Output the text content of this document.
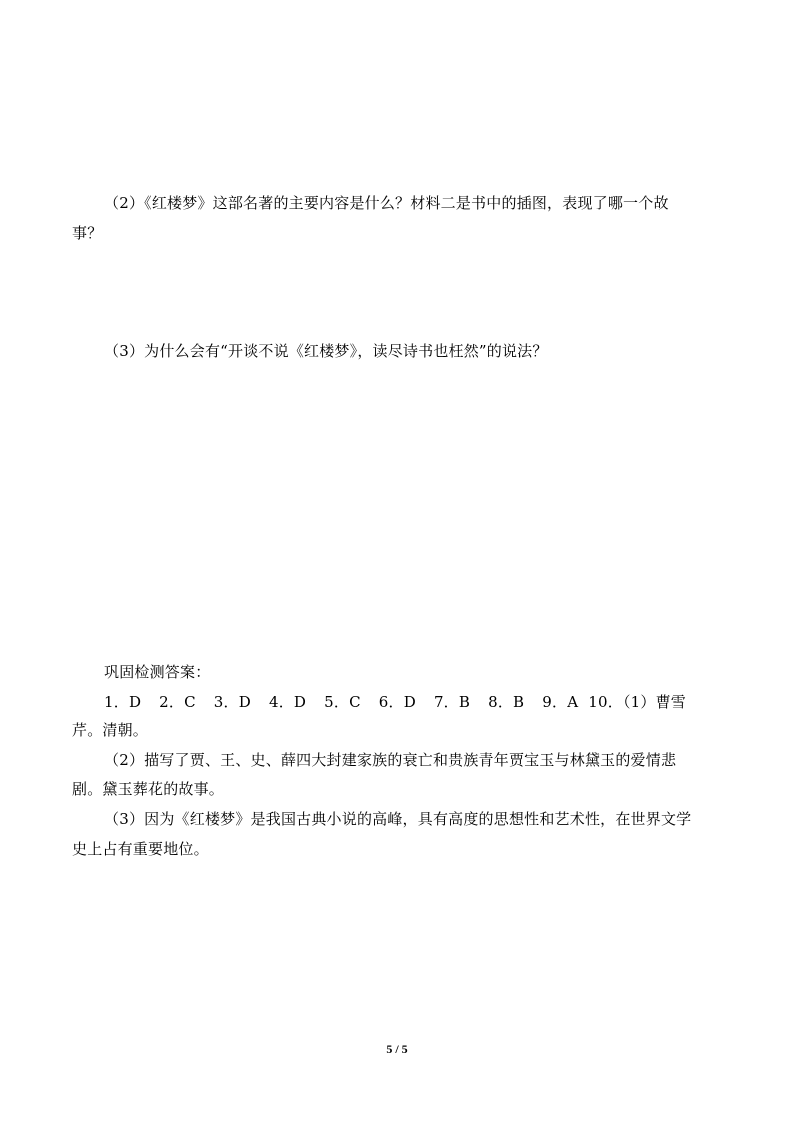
（2）《红楼梦》这部名著的主要内容是什么？材料二是书中的插图，表现了哪一个故
事？
（3）为什么会有“开谈不说《红楼梦》，读尽诗书也枉然”的说法？
巩固检测答案：
1．D 2．C 3．D 4．D 5．C 6．D 7．B 8．B 9．A 10．（1）曹雪
芹。清朝。
（2）描写了贾、王、史、薛四大封建家族的衰亡和贵族青年贾宝玉与林黛玉的爱情悲
剧。黛玉葬花的故事。
（3）因为《红楼梦》是我国古典小说的高峰，具有高度的思想性和艺术性，在世界文学
史上占有重要地位。
5 / 5
